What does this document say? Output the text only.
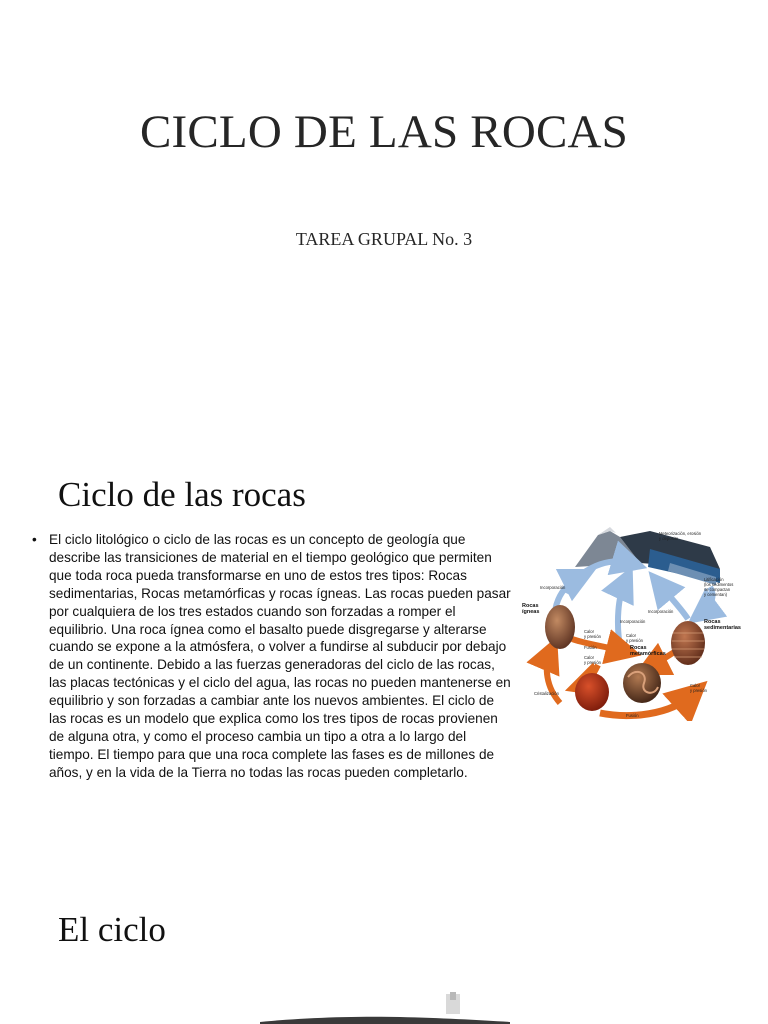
CICLO DE LAS ROCAS
TAREA GRUPAL No. 3
Ciclo de las rocas
• El ciclo litológico o ciclo de las rocas es un concepto de geología que describe las transiciones de material en el tiempo geológico que permiten que toda roca pueda transformarse en uno de estos tres tipos: Rocas sedimentarias, Rocas metamórficas y rocas ígneas. Las rocas pueden pasar por cualquiera de los tres estados cuando son forzadas a romper el equilibrio. Una roca ígnea como el basalto puede disgregarse y alterarse cuando se expone a la atmósfera, o volver a fundirse al subducir por debajo de un continente. Debido a las fuerzas generadoras del ciclo de las rocas, las placas tectónicas y el ciclo del agua, las rocas no pueden mantenerse en equilibrio y son forzadas a cambiar ante los nuevos ambientes. El ciclo de las rocas es un modelo que explica como los tres tipos de rocas provienen de alguna otra, y como el proceso cambia un tipo a otra a lo largo del tiempo. El tiempo para que una roca complete las fases es de millones de años, y en la vida de la Tierra no todas las rocas pueden completarlo.
Meteorización, erosión
y depósito
Litificación
(los sedimentos
se compactan
y cementan)
Incorporación
Incorporación
Incorporación
Rocas
ígneas
Rocas
sedimentarias
Rocas
metamórficas
Calor
y presión	Calor
y presión
Calor
y presión
Calor
y presión
Fusión
Fusión
Cristalización
El ciclo
